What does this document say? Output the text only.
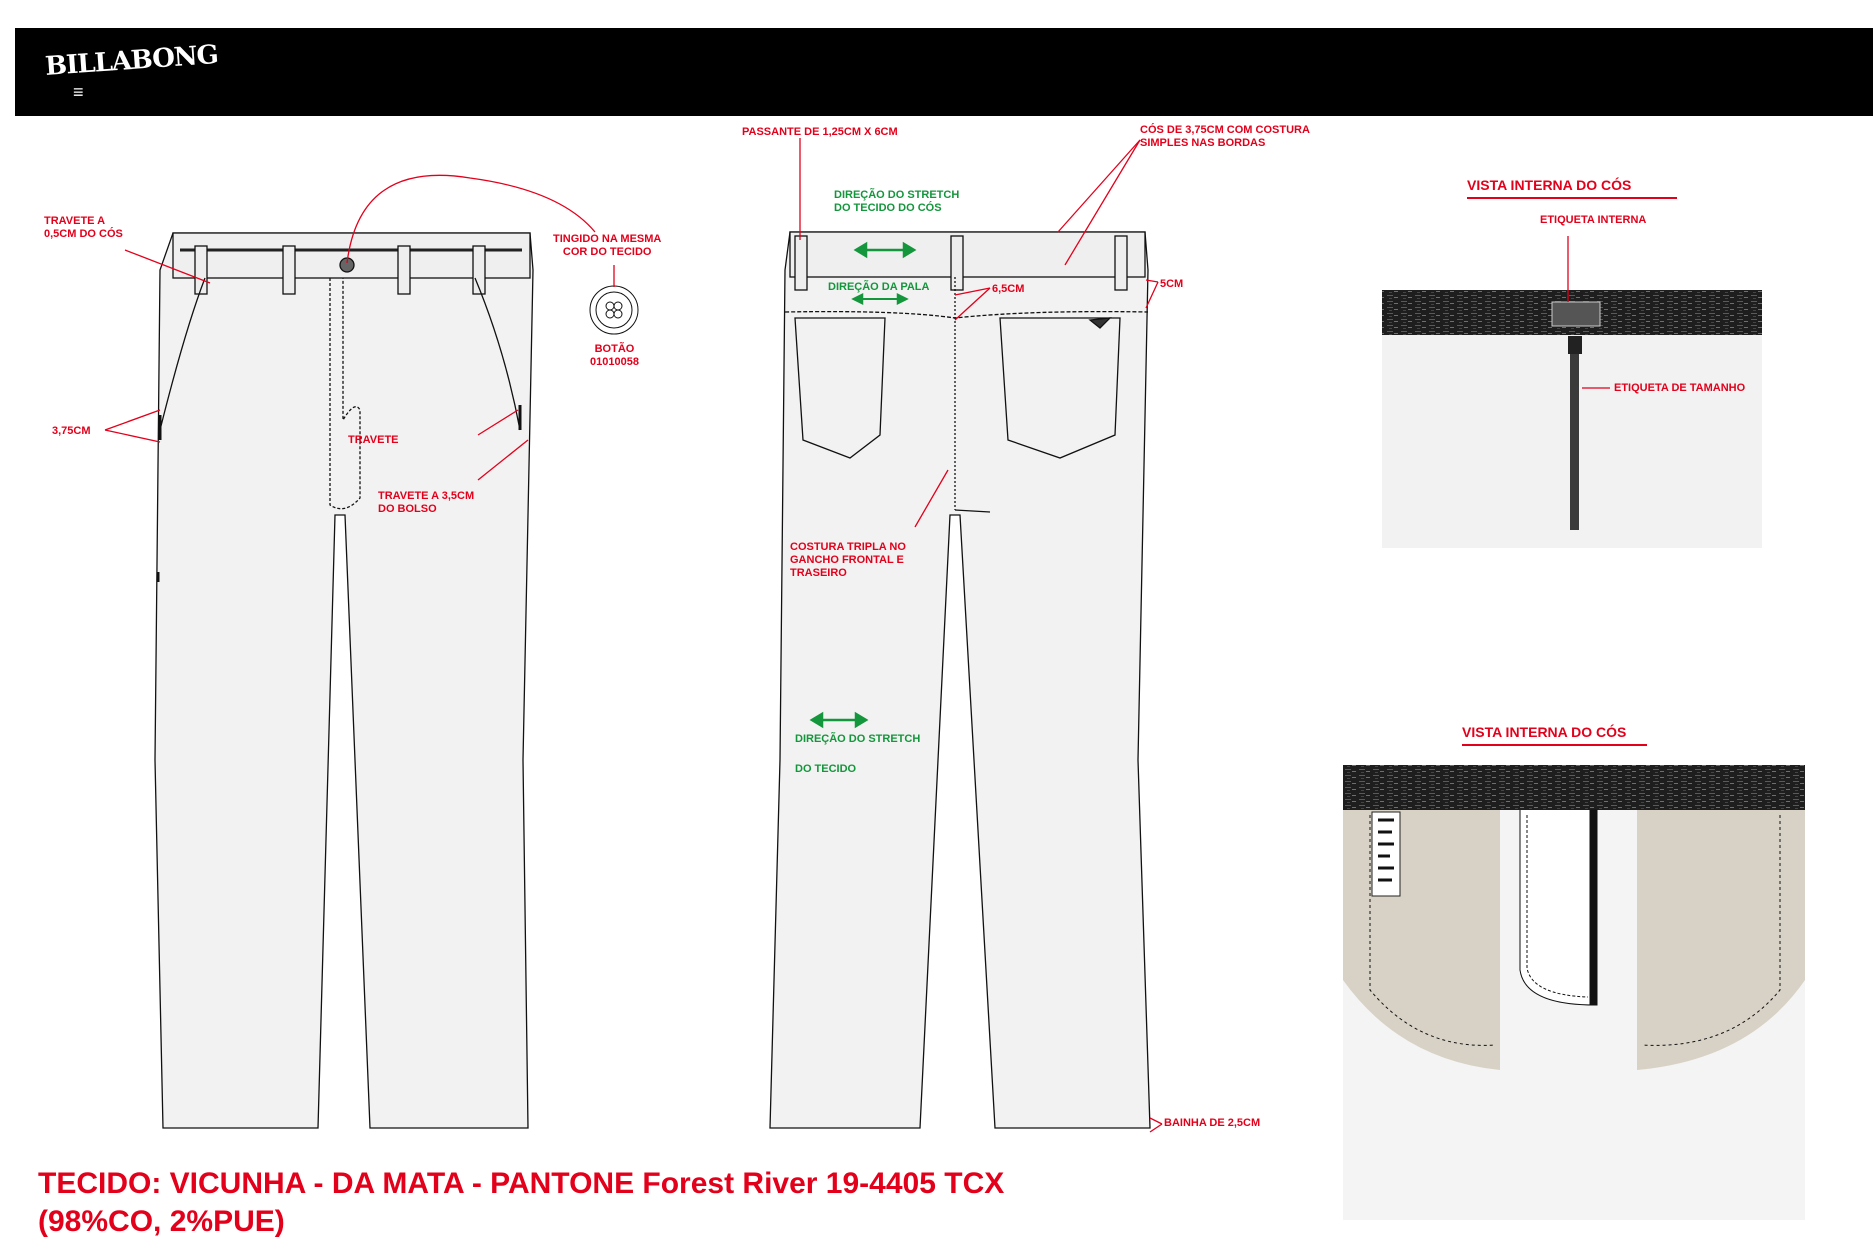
BILLABONG
≡
TRAVETE A
0,5CM DO CÓS	TINGIDO NA MESMA
COR DO TECIDO
BOTÃO
01010058
3,75CM
TRAVETE
TRAVETE A 3,5CM
DO BOLSO
PASSANTE DE 1,25CM X 6CM	CÓS DE 3,75CM COM COSTURA
SIMPLES NAS BORDAS
DIREÇÃO DO STRETCH
DO TECIDO DO CÓS
DIREÇÃO DA PALA	6,5CM	5CM
COSTURA TRIPLA NO
GANCHO FRONTAL E
TRASEIRO
DIREÇÃO DO STRETCH
DO TECIDO
BAINHA DE 2,5CM
VISTA INTERNA DO CÓS
ETIQUETA INTERNA
ETIQUETA DE TAMANHO
VISTA INTERNA DO CÓS
TECIDO: VICUNHA - DA MATA - PANTONE Forest River 19-4405 TCX
(98%CO, 2%PUE)
